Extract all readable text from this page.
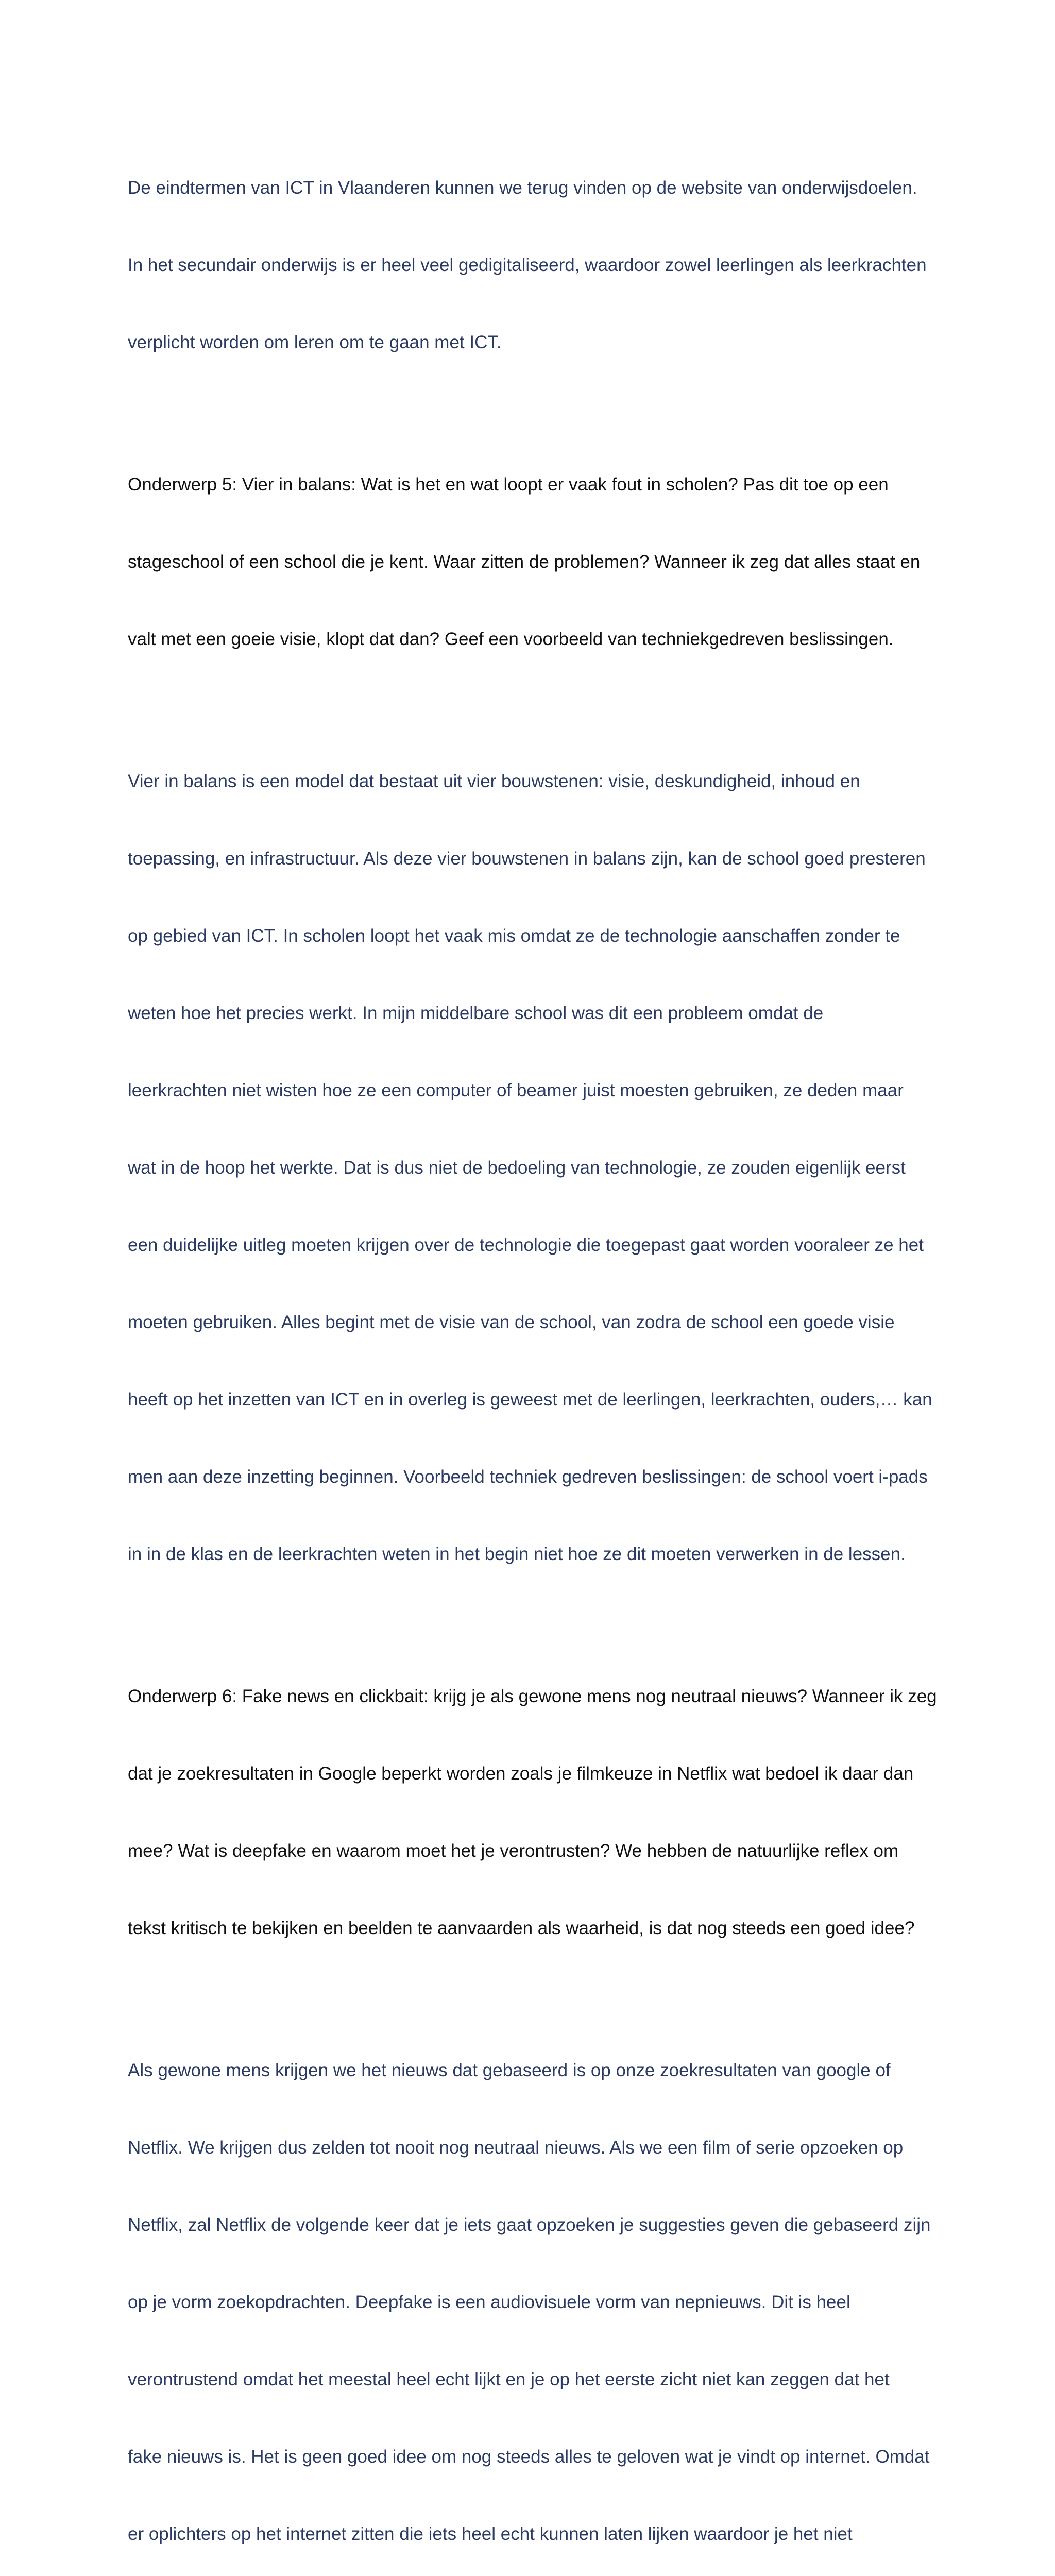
De eindtermen van ICT in Vlaanderen kunnen we terug vinden op de website van onderwijsdoelen.

In het secundair onderwijs is er heel veel gedigitaliseerd, waardoor zowel leerlingen als leerkrachten

verplicht worden om leren om te gaan met ICT.

Onderwerp 5: Vier in balans: Wat is het en wat loopt er vaak fout in scholen? Pas dit toe op een

stageschool of een school die je kent. Waar zitten de problemen? Wanneer ik zeg dat alles staat en

valt met een goeie visie, klopt dat dan? Geef een voorbeeld van techniekgedreven beslissingen.

Vier in balans is een model dat bestaat uit vier bouwstenen: visie, deskundigheid, inhoud en

toepassing, en infrastructuur. Als deze vier bouwstenen in balans zijn, kan de school goed presteren

op gebied van ICT. In scholen loopt het vaak mis omdat ze de technologie aanschaffen zonder te

weten hoe het precies werkt. In mijn middelbare school was dit een probleem omdat de

leerkrachten niet wisten hoe ze een computer of beamer juist moesten gebruiken, ze deden maar

wat in de hoop het werkte. Dat is dus niet de bedoeling van technologie, ze zouden eigenlijk eerst

een duidelijke uitleg moeten krijgen over de technologie die toegepast gaat worden vooraleer ze het

moeten gebruiken. Alles begint met de visie van de school, van zodra de school een goede visie

heeft op het inzetten van ICT en in overleg is geweest met de leerlingen, leerkrachten, ouders,… kan

men aan deze inzetting beginnen. Voorbeeld techniek gedreven beslissingen: de school voert i-pads

in in de klas en de leerkrachten weten in het begin niet hoe ze dit moeten verwerken in de lessen.

Onderwerp 6: Fake news en clickbait: krijg je als gewone mens nog neutraal nieuws? Wanneer ik zeg

dat je zoekresultaten in Google beperkt worden zoals je filmkeuze in Netflix wat bedoel ik daar dan

mee? Wat is deepfake en waarom moet het je verontrusten? We hebben de natuurlijke reflex om

tekst kritisch te bekijken en beelden te aanvaarden als waarheid, is dat nog steeds een goed idee?

Als gewone mens krijgen we het nieuws dat gebaseerd is op onze zoekresultaten van google of

Netflix. We krijgen dus zelden tot nooit nog neutraal nieuws. Als we een film of serie opzoeken op

Netflix, zal Netflix de volgende keer dat je iets gaat opzoeken je suggesties geven die gebaseerd zijn

op je vorm zoekopdrachten. Deepfake is een audiovisuele vorm van nepnieuws. Dit is heel

verontrustend omdat het meestal heel echt lijkt en je op het eerste zicht niet kan zeggen dat het

fake nieuws is. Het is geen goed idee om nog steeds alles te geloven wat je vindt op internet. Omdat

er oplichters op het internet zitten die iets heel echt kunnen laten lijken waardoor je het niet
